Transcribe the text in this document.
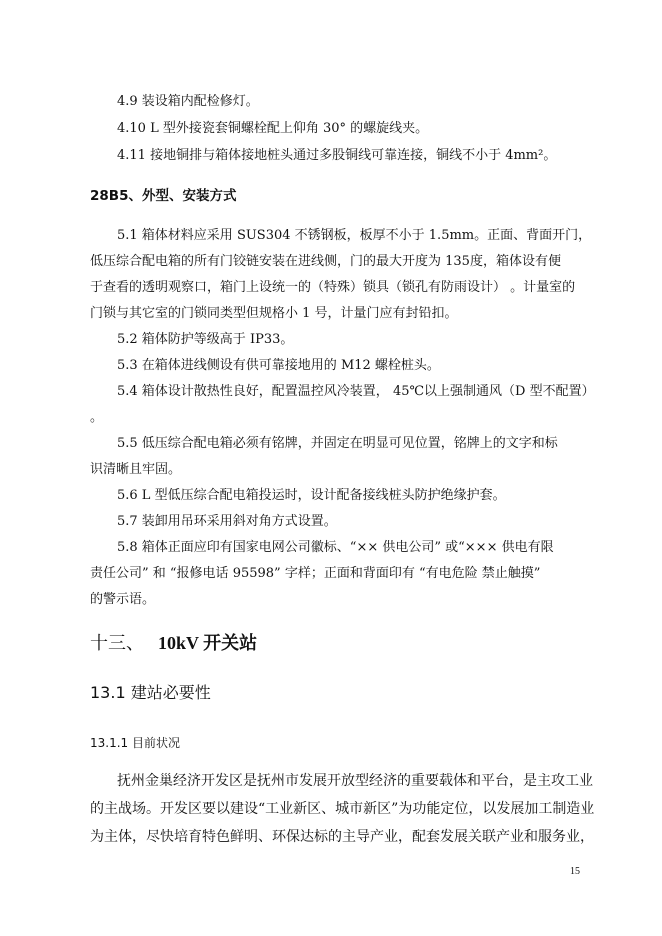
4.9 装设箱内配检修灯。
4.10 L 型外接瓷套铜螺栓配上仰角 30° 的螺旋线夹。
4.11 接地铜排与箱体接地桩头通过多股铜线可靠连接，铜线不小于 4mm²。
28B5、外型、安装方式
5.1 箱体材料应采用 SUS304 不锈钢板，板厚不小于 1.5mm。正面、背面开门，
低压综合配电箱的所有门铰链安装在进线侧，门的最大开度为 135度，箱体设有便
于查看的透明观察口，箱门上设统一的（特殊）锁具（锁孔有防雨设计） 。计量室的
门锁与其它室的门锁同类型但规格小 1 号，计量门应有封铅扣。
5.2 箱体防护等级高于 IP33。
5.3 在箱体进线侧设有供可靠接地用的 M12 螺栓桩头。
5.4 箱体设计散热性良好，配置温控风冷装置， 45℃以上强制通风（D 型不配置）
。
5.5 低压综合配电箱必须有铭牌，并固定在明显可见位置，铭牌上的文字和标
识清晰且牢固。
5.6 L 型低压综合配电箱投运时，设计配备接线桩头防护绝缘护套。
5.7 装卸用吊环采用斜对角方式设置。
5.8 箱体正面应印有国家电网公司徽标、“×× 供电公司” 或“××× 供电有限
责任公司” 和 “报修电话 95598” 字样；正面和背面印有 “有电危险 禁止触摸”
的警示语。
十三、 10kV 开关站
13.1 建站必要性
13.1.1 目前状况
抚州金巢经济开发区是抚州市发展开放型经济的重要载体和平台，是主攻工业
的主战场。开发区要以建设“工业新区、城市新区”为功能定位，以发展加工制造业
为主体，尽快培育特色鲜明、环保达标的主导产业，配套发展关联产业和服务业，
15
